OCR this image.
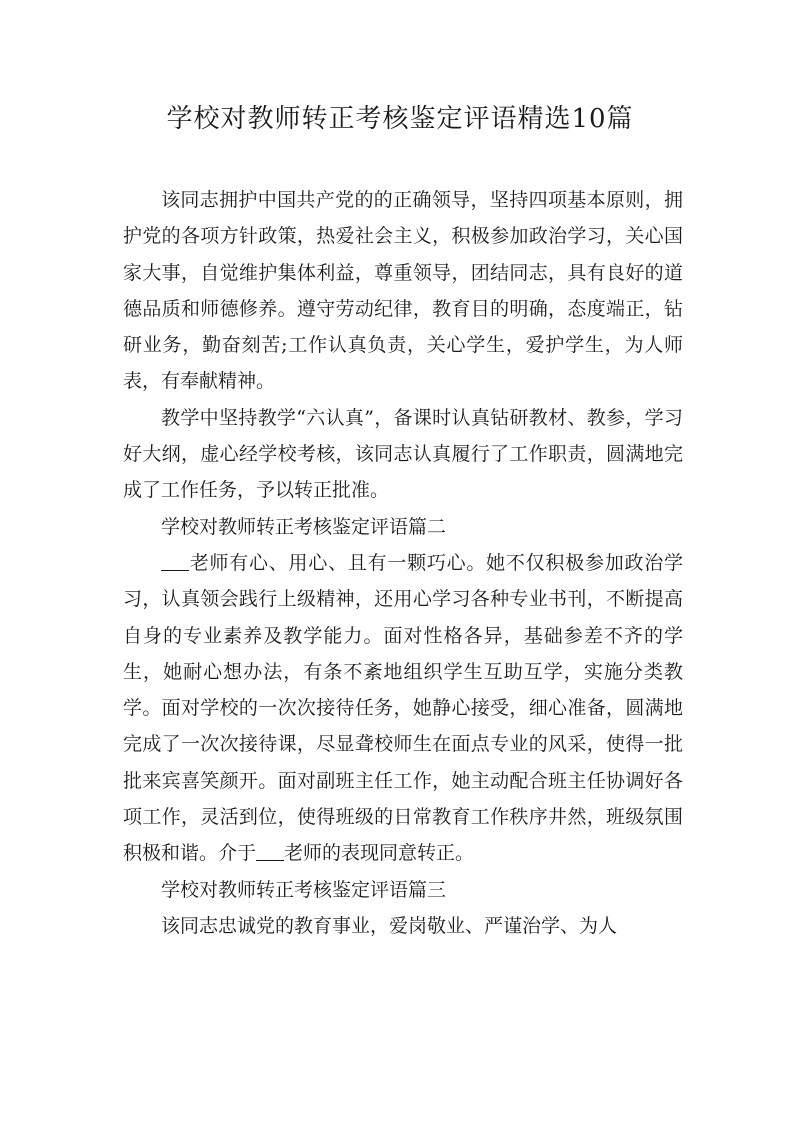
学校对教师转正考核鉴定评语精选10篇

该同志拥护中国共产党的的正确领导，坚持四项基本原则，拥护党的各项方针政策，热爱社会主义，积极参加政治学习，关心国家大事，自觉维护集体利益，尊重领导，团结同志，具有良好的道德品质和师德修养。遵守劳动纪律，教育目的明确，态度端正，钻研业务，勤奋刻苦;工作认真负责，关心学生，爱护学生，为人师表，有奉献精神。

教学中坚持教学“六认真”，备课时认真钻研教材、教参，学习好大纲，虚心经学校考核，该同志认真履行了工作职责，圆满地完成了工作任务，予以转正批准。

学校对教师转正考核鉴定评语篇二

老师有心、用心、且有一颗巧心。她不仅积极参加政治学习，认真领会践行上级精神，还用心学习各种专业书刊，不断提高自身的专业素养及教学能力。面对性格各异，基础参差不齐的学生，她耐心想办法，有条不紊地组织学生互助互学，实施分类教学。面对学校的一次次接待任务，她静心接受，细心准备，圆满地完成了一次次接待课，尽显聋校师生在面点专业的风采，使得一批批来宾喜笑颜开。面对副班主任工作，她主动配合班主任协调好各项工作，灵活到位，使得班级的日常教育工作秩序井然，班级氛围积极和谐。介于 老师的表现同意转正。

学校对教师转正考核鉴定评语篇三

该同志忠诚党的教育事业，爱岗敬业、严谨治学、为人
